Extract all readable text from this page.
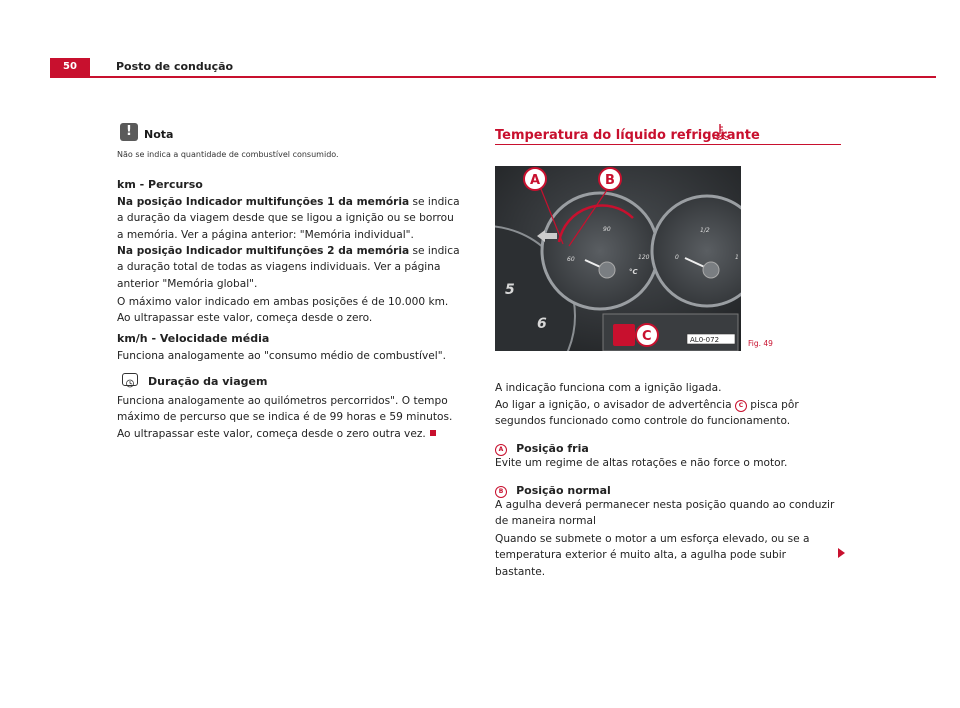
50	Posto de condução
!	Nota
Não se indica a quantidade de combustível consumido.
km - Percurso
Na posição Indicador multifunções 1 da memória se indica a duração da viagem desde que se ligou a ignição ou se borrou a memória. Ver a página anterior: "Memória individual".
Na posição Indicador multifunções 2 da memória se indica a duração total de todas as viagens individuais. Ver a página anterior "Memória global".
O máximo valor indicado em ambas posições é de 10.000 km. Ao ultrapassar este valor, começa desde o zero.
km/h - Velocidade média
Funciona analogamente ao "consumo médio de combustível".
Duração da viagem
Funciona analogamente ao quilómetros percorridos". O tempo máximo de percurso que se indica é de 99 horas e 59 minutos. Ao ultrapassar este valor, começa desde o zero outra vez.
Temperatura do líquido refrigerante
5
6
60
90
120
°C
0
1/2
1
A	B
C	AL0-072	Fig. 49
A indicação funciona com a ignição ligada.
Ao ligar a ignição, o avisador de advertência C pisca pôr segundos funcionado como controle do funcionamento.
A Posição fria
Evite um regime de altas rotações e não force o motor.
B Posição normal
A agulha deverá permanecer nesta posição quando ao conduzir de maneira normal
Quando se submete o motor a um esforça elevado, ou se a temperatura exterior é muito alta, a agulha pode subir bastante.
